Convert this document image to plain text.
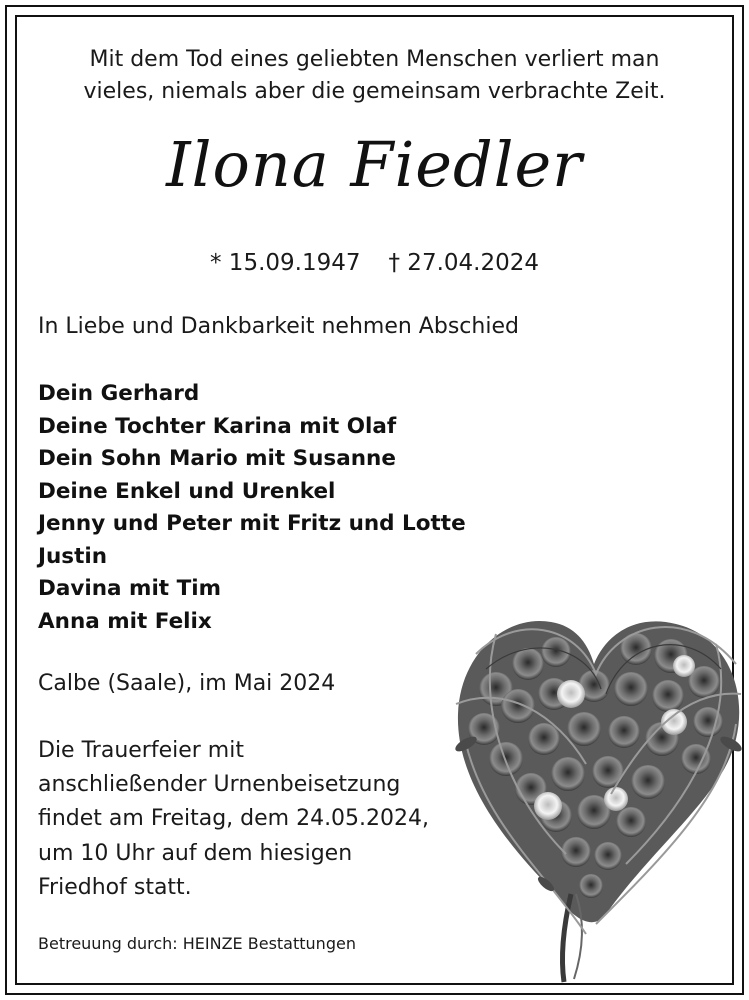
Mit dem Tod eines geliebten Menschen verliert man
vieles, niemals aber die gemeinsam verbrachte Zeit.
Ilona Fiedler
* 15.09.1947 † 27.04.2024
In Liebe und Dankbarkeit nehmen Abschied
Dein Gerhard
Deine Tochter Karina mit Olaf
Dein Sohn Mario mit Susanne
Deine Enkel und Urenkel
Jenny und Peter mit Fritz und Lotte
Justin
Davina mit Tim
Anna mit Felix
Calbe (Saale), im Mai 2024
Die Trauerfeier mit
anschließender Urnenbeisetzung
findet am Freitag, dem 24.05.2024,
um 10 Uhr auf dem hiesigen
Friedhof statt.
Betreuung durch: HEINZE Bestattungen
